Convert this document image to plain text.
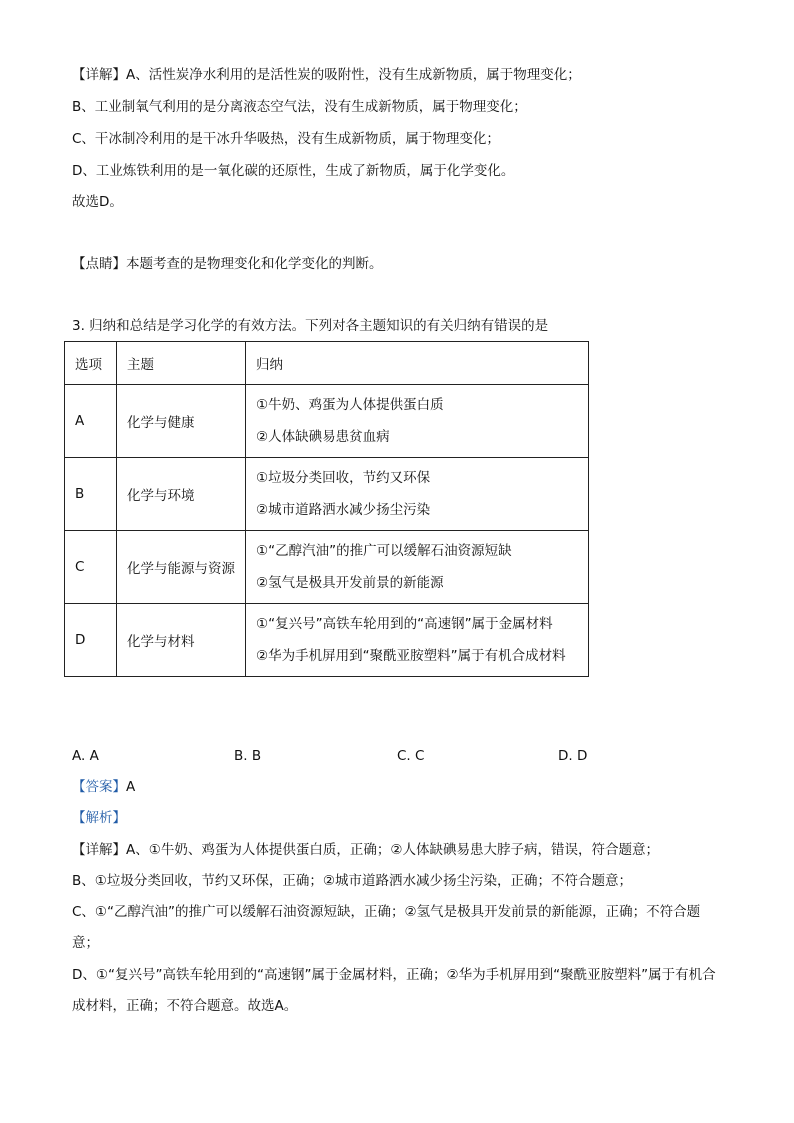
【详解】A、活性炭净水利用的是活性炭的吸附性，没有生成新物质，属于物理变化；
B、工业制氧气利用的是分离液态空气法，没有生成新物质，属于物理变化；
C、干冰制冷利用的是干冰升华吸热，没有生成新物质，属于物理变化；
D、工业炼铁利用的是一氧化碳的还原性，生成了新物质，属于化学变化。
故选D。
【点睛】本题考查的是物理变化和化学变化的判断。
3. 归纳和总结是学习化学的有效方法。下列对各主题知识的有关归纳有错误的是
选项	主题	归纳
A	化学与健康	①牛奶、鸡蛋为人体提供蛋白质
②人体缺碘易患贫血病

B	化学与环境	①垃圾分类回收，节约又环保
②城市道路洒水减少扬尘污染

C	化学与能源与资源	①“乙醇汽油”的推广可以缓解石油资源短缺
②氢气是极具开发前景的新能源

D	化学与材料	①“复兴号”高铁车轮用到的“高速钢”属于金属材料
②华为手机屏用到“聚酰亚胺塑料”属于有机合成材料
A. A	B. B	C. C	D. D
【答案】A
【解析】
【详解】A、①牛奶、鸡蛋为人体提供蛋白质，正确；②人体缺碘易患大脖子病，错误，符合题意；
B、①垃圾分类回收，节约又环保，正确；②城市道路洒水减少扬尘污染，正确；不符合题意；
C、①“乙醇汽油”的推广可以缓解石油资源短缺，正确；②氢气是极具开发前景的新能源，正确；不符合题意；
D、①“复兴号”高铁车轮用到的“高速钢”属于金属材料，正确；②华为手机屏用到“聚酰亚胺塑料”属于有机合成材料，正确；不符合题意。故选A。
